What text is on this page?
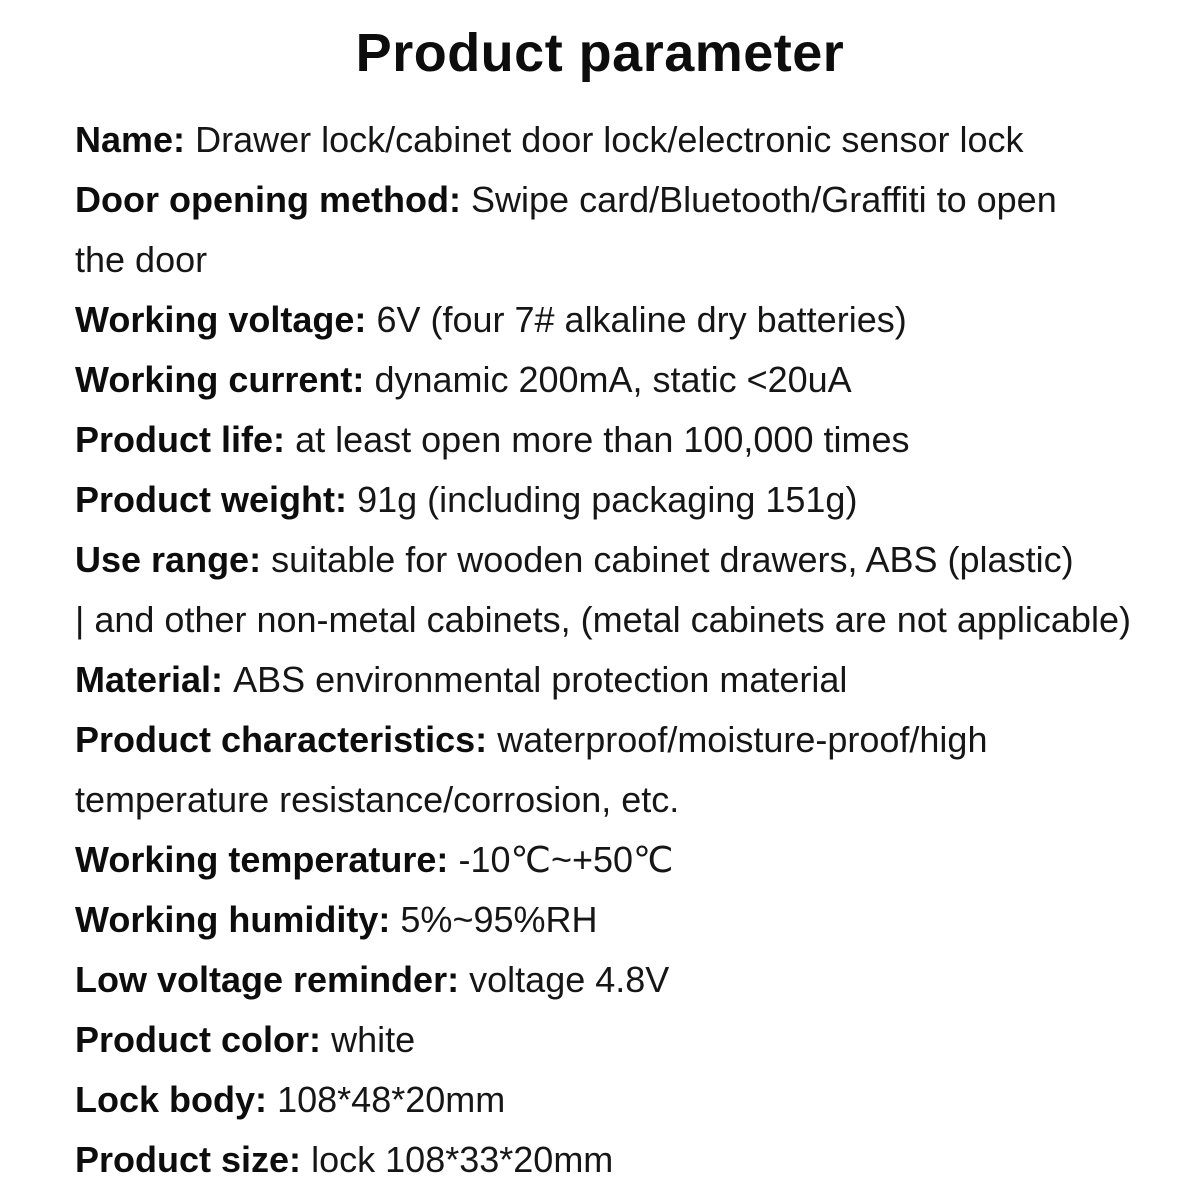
Product parameter
Name: Drawer lock/cabinet door lock/electronic sensor lock
Door opening method: Swipe card/Bluetooth/Graffiti to open
the door
Working voltage: 6V (four 7# alkaline dry batteries)
Working current: dynamic 200mA, static <20uA
Product life: at least open more than 100,000 times
Product weight: 91g (including packaging 151g)
Use range: suitable for wooden cabinet drawers, ABS (plastic)
| and other non-metal cabinets, (metal cabinets are not applicable)
Material: ABS environmental protection material
Product characteristics: waterproof/moisture-proof/high
temperature resistance/corrosion, etc.
Working temperature: -10℃~+50℃
Working humidity: 5%~95%RH
Low voltage reminder: voltage 4.8V
Product color: white
Lock body: 108*48*20mm
Product size: lock 108*33*20mm
